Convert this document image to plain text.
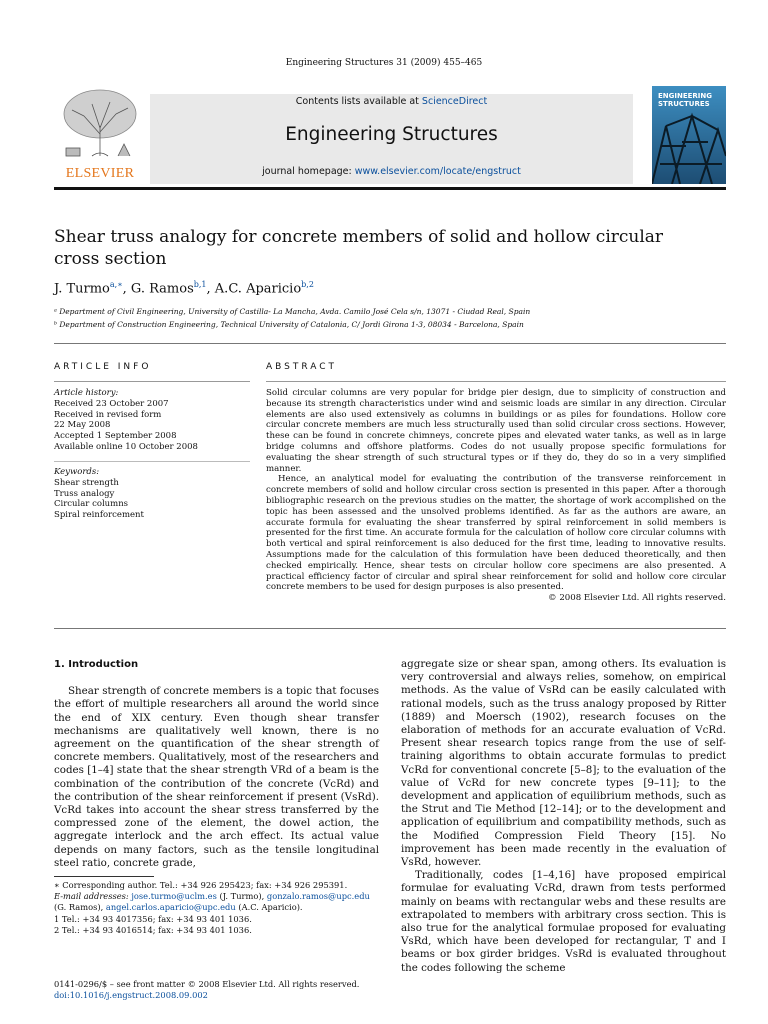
Engineering Structures 31 (2009) 455–465
ELSEVIER
Contents lists available at ScienceDirect
Engineering Structures
journal homepage: www.elsevier.com/locate/engstruct
ENGINEERING
STRUCTURES
Shear truss analogy for concrete members of solid and hollow circular cross section
J. Turmo$^{a,∗}$, G. Ramos$^{b,1}$, A.C. Aparicio$^{b,2}$
ᵃ Department of Civil Engineering, University of Castilla- La Mancha, Avda. Camilo José Cela s/n, 13071 - Ciudad Real, Spain
ᵇ Department of Construction Engineering, Technical University of Catalonia, C/ Jordi Girona 1-3, 08034 - Barcelona, Spain
ARTICLE INFO	ABSTRACT
Article history:
Received 23 October 2007
Received in revised form
22 May 2008
Accepted 1 September 2008
Available online 10 October 2008
Keywords:
Shear strength
Truss analogy
Circular columns
Spiral reinforcement

Solid circular columns are very popular for bridge pier design, due to simplicity of construction and because its strength characteristics under wind and seismic loads are similar in any direction. Circular elements are also used extensively as columns in buildings or as piles for foundations. Hollow core circular concrete members are much less structurally used than solid circular cross sections. However, these can be found in concrete chimneys, concrete pipes and elevated water tanks, as well as in large bridge columns and offshore platforms. Codes do not usually propose specific formulations for evaluating the shear strength of such structural types or if they do, they do so in a very simplified manner.

Hence, an analytical model for evaluating the contribution of the transverse reinforcement in concrete members of solid and hollow circular cross section is presented in this paper. After a thorough bibliographic research on the previous studies on the matter, the shortage of work accomplished on the topic has been assessed and the unsolved problems identified. As far as the authors are aware, an accurate formula for evaluating the shear transferred by spiral reinforcement in solid members is presented for the first time. An accurate formula for the calculation of hollow core circular columns with both vertical and spiral reinforcement is also deduced for the first time, leading to innovative results. Assumptions made for the calculation of this formulation have been deduced theoretically, and then checked empirically. Hence, shear tests on circular hollow core specimens are also presented. A practical efficiency factor of circular and spiral shear reinforcement for solid and hollow core circular concrete members to be used for design purposes is also presented.

© 2008 Elsevier Ltd. All rights reserved.

1. Introduction

Shear strength of concrete members is a topic that focuses the effort of multiple researchers all around the world since the end of XIX century. Even though shear transfer mechanisms are qualitatively well known, there is no agreement on the quantification of the shear strength of concrete members. Qualitatively, most of the researchers and codes [1–4] state that the shear strength VRd of a beam is the combination of the contribution of the concrete (VcRd) and the contribution of the shear reinforcement if present (VsRd). VcRd takes into account the shear stress transferred by the compressed zone of the element, the dowel action, the aggregate interlock and the arch effect. Its actual value depends on many factors, such as the tensile longitudinal steel ratio, concrete grade,

aggregate size or shear span, among others. Its evaluation is very controversial and always relies, somehow, on empirical methods. As the value of VsRd can be easily calculated with rational models, such as the truss analogy proposed by Ritter (1889) and Moersch (1902), research focuses on the elaboration of methods for an accurate evaluation of VcRd. Present shear research topics range from the use of self-training algorithms to obtain accurate formulas to predict VcRd for conventional concrete [5–8]; to the evaluation of the value of VcRd for new concrete types [9–11]; to the development and application of equilibrium methods, such as the Strut and Tie Method [12–14]; or to the development and application of equilibrium and compatibility methods, such as the Modified Compression Field Theory [15]. No improvement has been made recently in the evaluation of VsRd, however.

Traditionally, codes [1–4,16] have proposed empirical formulae for evaluating VcRd, drawn from tests performed mainly on beams with rectangular webs and these results are extrapolated to members with arbitrary cross section. This is also true for the analytical formulae proposed for evaluating VsRd, which have been developed for rectangular, T and I beams or box girder bridges. VsRd is evaluated throughout the codes following the scheme

∗ Corresponding author. Tel.: +34 926 295423; fax: +34 926 295391.
E-mail addresses: jose.turmo@uclm.es (J. Turmo), gonzalo.ramos@upc.edu
(G. Ramos), angel.carlos.aparicio@upc.edu (A.C. Aparicio).
1 Tel.: +34 93 4017356; fax: +34 93 401 1036.
2 Tel.: +34 93 4016514; fax: +34 93 401 1036.
0141-0296/$ – see front matter © 2008 Elsevier Ltd. All rights reserved.
doi:10.1016/j.engstruct.2008.09.002
